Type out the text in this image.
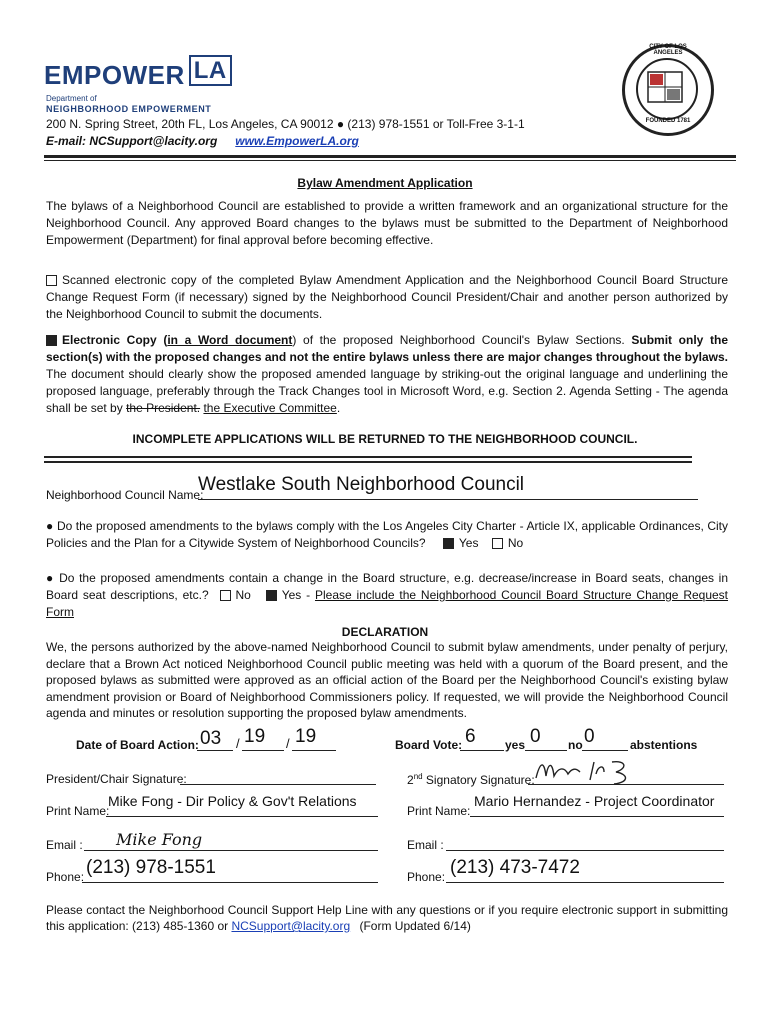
EMPOWER LA
Department of
NEIGHBORHOOD EMPOWERMENT
CITY OF LOS ANGELES
FOUNDED 1781
200 N. Spring Street, 20th FL, Los Angeles, CA 90012 ● (213) 978-1551 or Toll-Free 3-1-1
E-mail: NCSupport@lacity.org www.EmpowerLA.org
Bylaw Amendment Application
The bylaws of a Neighborhood Council are established to provide a written framework and an organizational structure for the Neighborhood Council. Any approved Board changes to the bylaws must be submitted to the Department of Neighborhood Empowerment (Department) for final approval before becoming effective.
Scanned electronic copy of the completed Bylaw Amendment Application and the Neighborhood Council Board Structure Change Request Form (if necessary) signed by the Neighborhood Council President/Chair and another person authorized by the Neighborhood Council to submit the documents.
Electronic Copy (in a Word document) of the proposed Neighborhood Council's Bylaw Sections. Submit only the section(s) with the proposed changes and not the entire bylaws unless there are major changes throughout the bylaws. The document should clearly show the proposed amended language by striking-out the original language and underlining the proposed language, preferably through the Track Changes tool in Microsoft Word, e.g. Section 2. Agenda Setting - The agenda shall be set by the President. the Executive Committee.
INCOMPLETE APPLICATIONS WILL BE RETURNED TO THE NEIGHBORHOOD COUNCIL.
Neighborhood Council Name:
Westlake South Neighborhood Council
● Do the proposed amendments to the bylaws comply with the Los Angeles City Charter - Article IX, applicable Ordinances, City Policies and the Plan for a Citywide System of Neighborhood Councils?	Yes No
● Do the proposed amendments contain a change in the Board structure, e.g. decrease/increase in Board seats, changes in Board seat descriptions, etc.? No	Yes - Please include the Neighborhood Council Board Structure Change Request Form
DECLARATION
We, the persons authorized by the above-named Neighborhood Council to submit bylaw amendments, under penalty of perjury, declare that a Brown Act noticed Neighborhood Council public meeting was held with a quorum of the Board present, and the proposed bylaws as submitted were approved as an official action of the Board per the Neighborhood Council's existing bylaw amendment provision or Board of Neighborhood Commissioners policy. If requested, we will provide the Neighborhood Council agenda and minutes or resolution supporting the proposed bylaw amendments.
Date of Board Action: 03 / 19 / 19	Board Vote: 6 yes 0 no 0	abstentions
President/Chair Signature:	2nd Signatory Signature:
Print Name:
Mike Fong - Dir Policy & Gov't Relations
Print Name:
Mario Hernandez - Project Coordinator
Email : Mike Fong	Email :
Phone: (213) 978-1551	Phone: (213) 473-7472
Please contact the Neighborhood Council Support Help Line with any questions or if you require electronic support in submitting this application: (213) 485-1360 or NCSupport@lacity.org (Form Updated 6/14)
